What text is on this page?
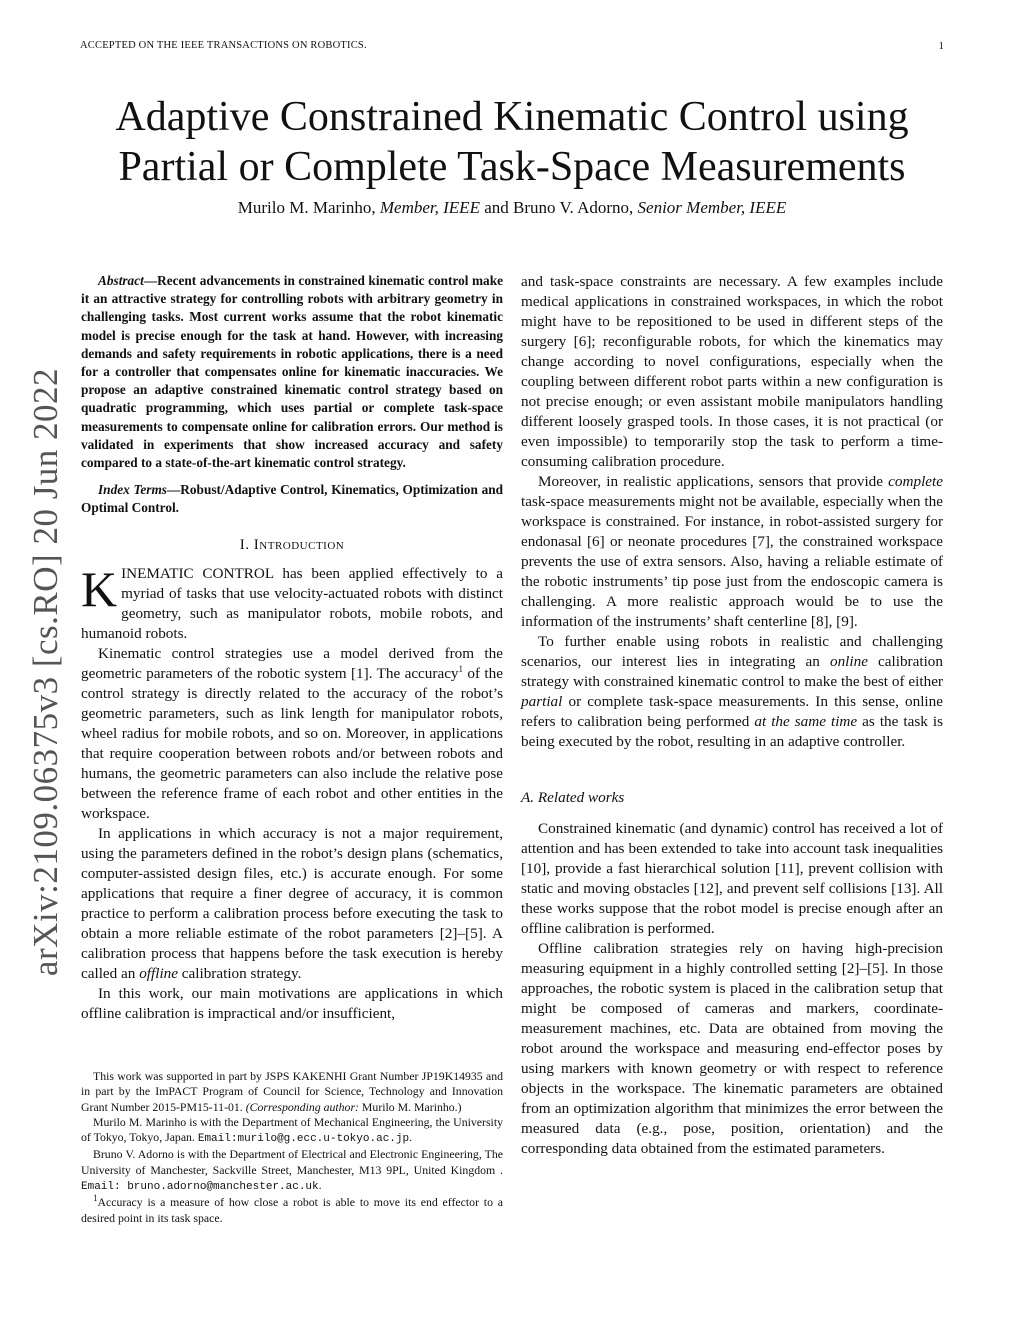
ACCEPTED ON THE IEEE TRANSACTIONS ON ROBOTICS.	1
arXiv:2109.06375v3 [cs.RO] 20 Jun 2022
Adaptive Constrained Kinematic Control using
Partial or Complete Task-Space Measurements
Murilo M. Marinho, Member, IEEE and Bruno V. Adorno, Senior Member, IEEE

Abstract—Recent advancements in constrained kinematic control make it an attractive strategy for controlling robots with arbitrary geometry in challenging tasks. Most current works assume that the robot kinematic model is precise enough for the task at hand. However, with increasing demands and safety requirements in robotic applications, there is a need for a controller that compensates online for kinematic inaccuracies. We propose an adaptive constrained kinematic control strategy based on quadratic programming, which uses partial or complete task-space measurements to compensate online for calibration errors. Our method is validated in experiments that show increased accuracy and safety compared to a state-of-the-art kinematic control strategy.

Index Terms—Robust/Adaptive Control, Kinematics, Optimization and Optimal Control.

I. Introduction

KINEMATIC CONTROL has been applied effectively to a myriad of tasks that use velocity-actuated robots with distinct geometry, such as manipulator robots, mobile robots, and humanoid robots.

Kinematic control strategies use a model derived from the geometric parameters of the robotic system [1]. The accuracy$^1$ of the control strategy is directly related to the accuracy of the robot’s geometric parameters, such as link length for manipulator robots, wheel radius for mobile robots, and so on. Moreover, in applications that require cooperation between robots and/or between robots and humans, the geometric parameters can also include the relative pose between the reference frame of each robot and other entities in the workspace.

In applications in which accuracy is not a major requirement, using the parameters defined in the robot’s design plans (schematics, computer-assisted design files, etc.) is accurate enough. For some applications that require a finer degree of accuracy, it is common practice to perform a calibration process before executing the task to obtain a more reliable estimate of the robot parameters [2]–[5]. A calibration process that happens before the task execution is hereby called an offline calibration strategy.

In this work, our main motivations are applications in which offline calibration is impractical and/or insufficient,

This work was supported in part by JSPS KAKENHI Grant Number JP19K14935 and in part by the ImPACT Program of Council for Science, Technology and Innovation Grant Number 2015-PM15-11-01. (Corresponding author: Murilo M. Marinho.)

Murilo M. Marinho is with the Department of Mechanical Engineering, the University of Tokyo, Tokyo, Japan. Email:murilo@g.ecc.u-tokyo.ac.jp.

Bruno V. Adorno is with the Department of Electrical and Electronic Engineering, The University of Manchester, Sackville Street, Manchester, M13 9PL, United Kingdom . Email: bruno.adorno@manchester.ac.uk.

$^1$Accuracy is a measure of how close a robot is able to move its end effector to a desired point in its task space.

and task-space constraints are necessary. A few examples include medical applications in constrained workspaces, in which the robot might have to be repositioned to be used in different steps of the surgery [6]; reconfigurable robots, for which the kinematics may change according to novel configurations, especially when the coupling between different robot parts within a new configuration is not precise enough; or even assistant mobile manipulators handling different loosely grasped tools. In those cases, it is not practical (or even impossible) to temporarily stop the task to perform a time-consuming calibration procedure.

Moreover, in realistic applications, sensors that provide complete task-space measurements might not be available, especially when the workspace is constrained. For instance, in robot-assisted surgery for endonasal [6] or neonate procedures [7], the constrained workspace prevents the use of extra sensors. Also, having a reliable estimate of the robotic instruments’ tip pose just from the endoscopic camera is challenging. A more realistic approach would be to use the information of the instruments’ shaft centerline [8], [9].

To further enable using robots in realistic and challenging scenarios, our interest lies in integrating an online calibration strategy with constrained kinematic control to make the best of either partial or complete task-space measurements. In this sense, online refers to calibration being performed at the same time as the task is being executed by the robot, resulting in an adaptive controller.

A. Related works

Constrained kinematic (and dynamic) control has received a lot of attention and has been extended to take into account task inequalities [10], provide a fast hierarchical solution [11], prevent collision with static and moving obstacles [12], and prevent self collisions [13]. All these works suppose that the robot model is precise enough after an offline calibration is performed.

Offline calibration strategies rely on having high-precision measuring equipment in a highly controlled setting [2]–[5]. In those approaches, the robotic system is placed in the calibration setup that might be composed of cameras and markers, coordinate-measurement machines, etc. Data are obtained from moving the robot around the workspace and measuring end-effector poses by using markers with known geometry or with respect to reference objects in the workspace. The kinematic parameters are obtained from an optimization algorithm that minimizes the error between the measured data (e.g., pose, position, orientation) and the corresponding data obtained from the estimated parameters.
